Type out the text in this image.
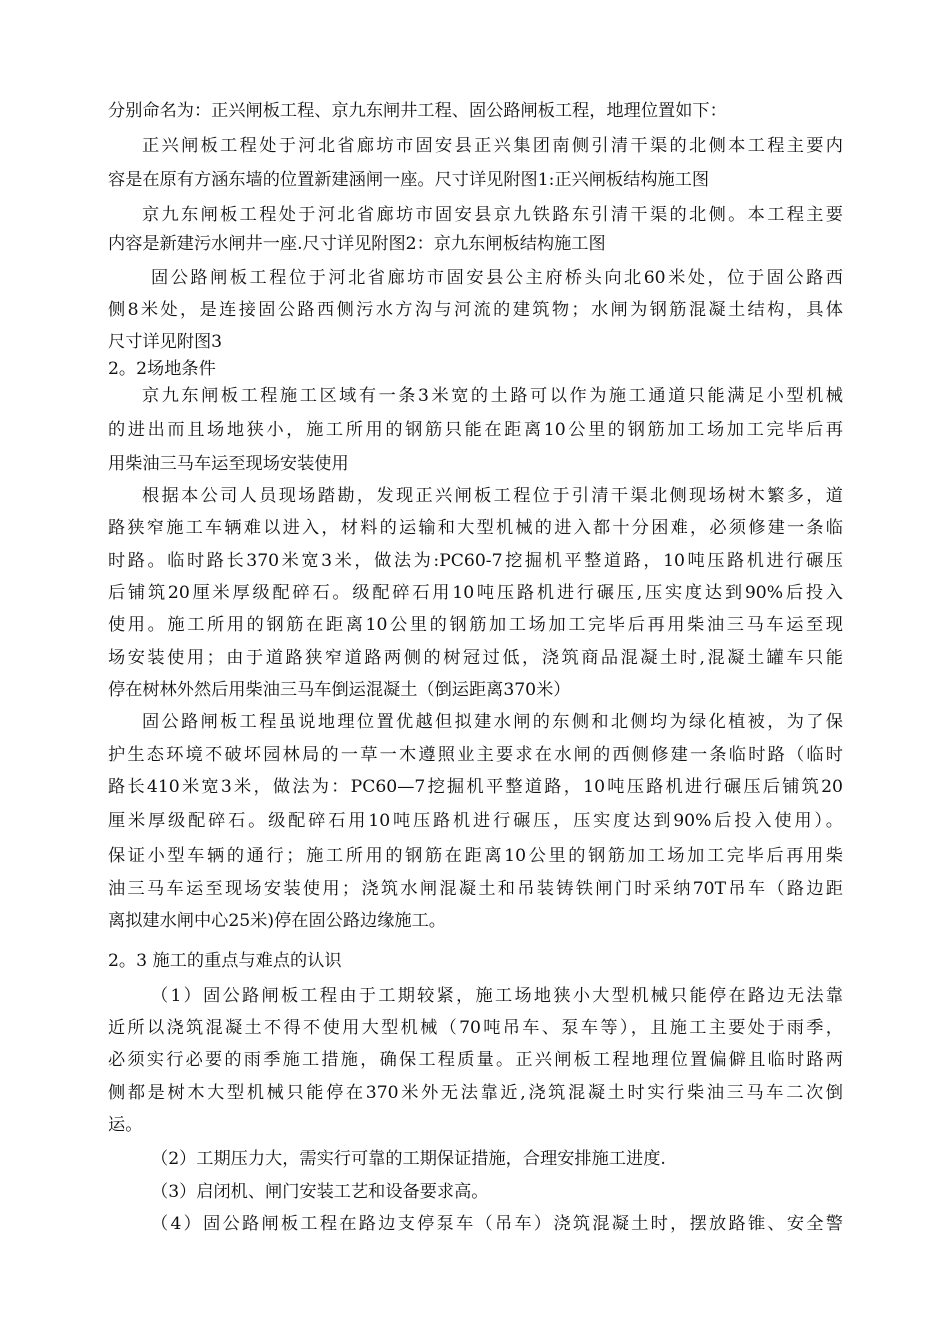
分别命名为：正兴闸板工程、京九东闸井工程、固公路闸板工程，地理位置如下：
正兴闸板工程处于河北省廊坊市固安县正兴集团南侧引清干渠的北侧本工程主要内
容是在原有方涵东墙的位置新建涵闸一座。尺寸详见附图1:正兴闸板结构施工图
京九东闸板工程处于河北省廊坊市固安县京九铁路东引清干渠的北侧。本工程主要
内容是新建污水闸井一座.尺寸详见附图2：京九东闸板结构施工图
固公路闸板工程位于河北省廊坊市固安县公主府桥头向北60米处，位于固公路西
侧8米处，是连接固公路西侧污水方沟与河流的建筑物；水闸为钢筋混凝土结构，具体
尺寸详见附图3
2。2场地条件
京九东闸板工程施工区域有一条3米宽的土路可以作为施工通道只能满足小型机械
的进出而且场地狭小，施工所用的钢筋只能在距离10公里的钢筋加工场加工完毕后再
用柴油三马车运至现场安装使用
根据本公司人员现场踏勘，发现正兴闸板工程位于引清干渠北侧现场树木繁多，道
路狭窄施工车辆难以进入，材料的运输和大型机械的进入都十分困难，必须修建一条临
时路。临时路长370米宽3米，做法为:PC60-7挖掘机平整道路，10吨压路机进行碾压
后铺筑20厘米厚级配碎石。级配碎石用10吨压路机进行碾压,压实度达到90%后投入
使用。施工所用的钢筋在距离10公里的钢筋加工场加工完毕后再用柴油三马车运至现
场安装使用；由于道路狭窄道路两侧的树冠过低，浇筑商品混凝土时,混凝土罐车只能
停在树林外然后用柴油三马车倒运混凝土（倒运距离370米）
固公路闸板工程虽说地理位置优越但拟建水闸的东侧和北侧均为绿化植被，为了保
护生态环境不破坏园林局的一草一木遵照业主要求在水闸的西侧修建一条临时路（临时
路长410米宽3米，做法为：PC60—7挖掘机平整道路，10吨压路机进行碾压后铺筑20
厘米厚级配碎石。级配碎石用10吨压路机进行碾压，压实度达到90%后投入使用）。
保证小型车辆的通行；施工所用的钢筋在距离10公里的钢筋加工场加工完毕后再用柴
油三马车运至现场安装使用；浇筑水闸混凝土和吊装铸铁闸门时采纳70T吊车（路边距
离拟建水闸中心25米)停在固公路边缘施工。
2。3 施工的重点与难点的认识
（1）固公路闸板工程由于工期较紧，施工场地狭小大型机械只能停在路边无法靠
近所以浇筑混凝土不得不使用大型机械（70吨吊车、泵车等），且施工主要处于雨季，
必须实行必要的雨季施工措施，确保工程质量。正兴闸板工程地理位置偏僻且临时路两
侧都是树木大型机械只能停在370米外无法靠近,浇筑混凝土时实行柴油三马车二次倒
运。
（2）工期压力大，需实行可靠的工期保证措施，合理安排施工进度.
（3）启闭机、闸门安装工艺和设备要求高。
（4）固公路闸板工程在路边支停泵车（吊车）浇筑混凝土时，摆放路锥、安全警
